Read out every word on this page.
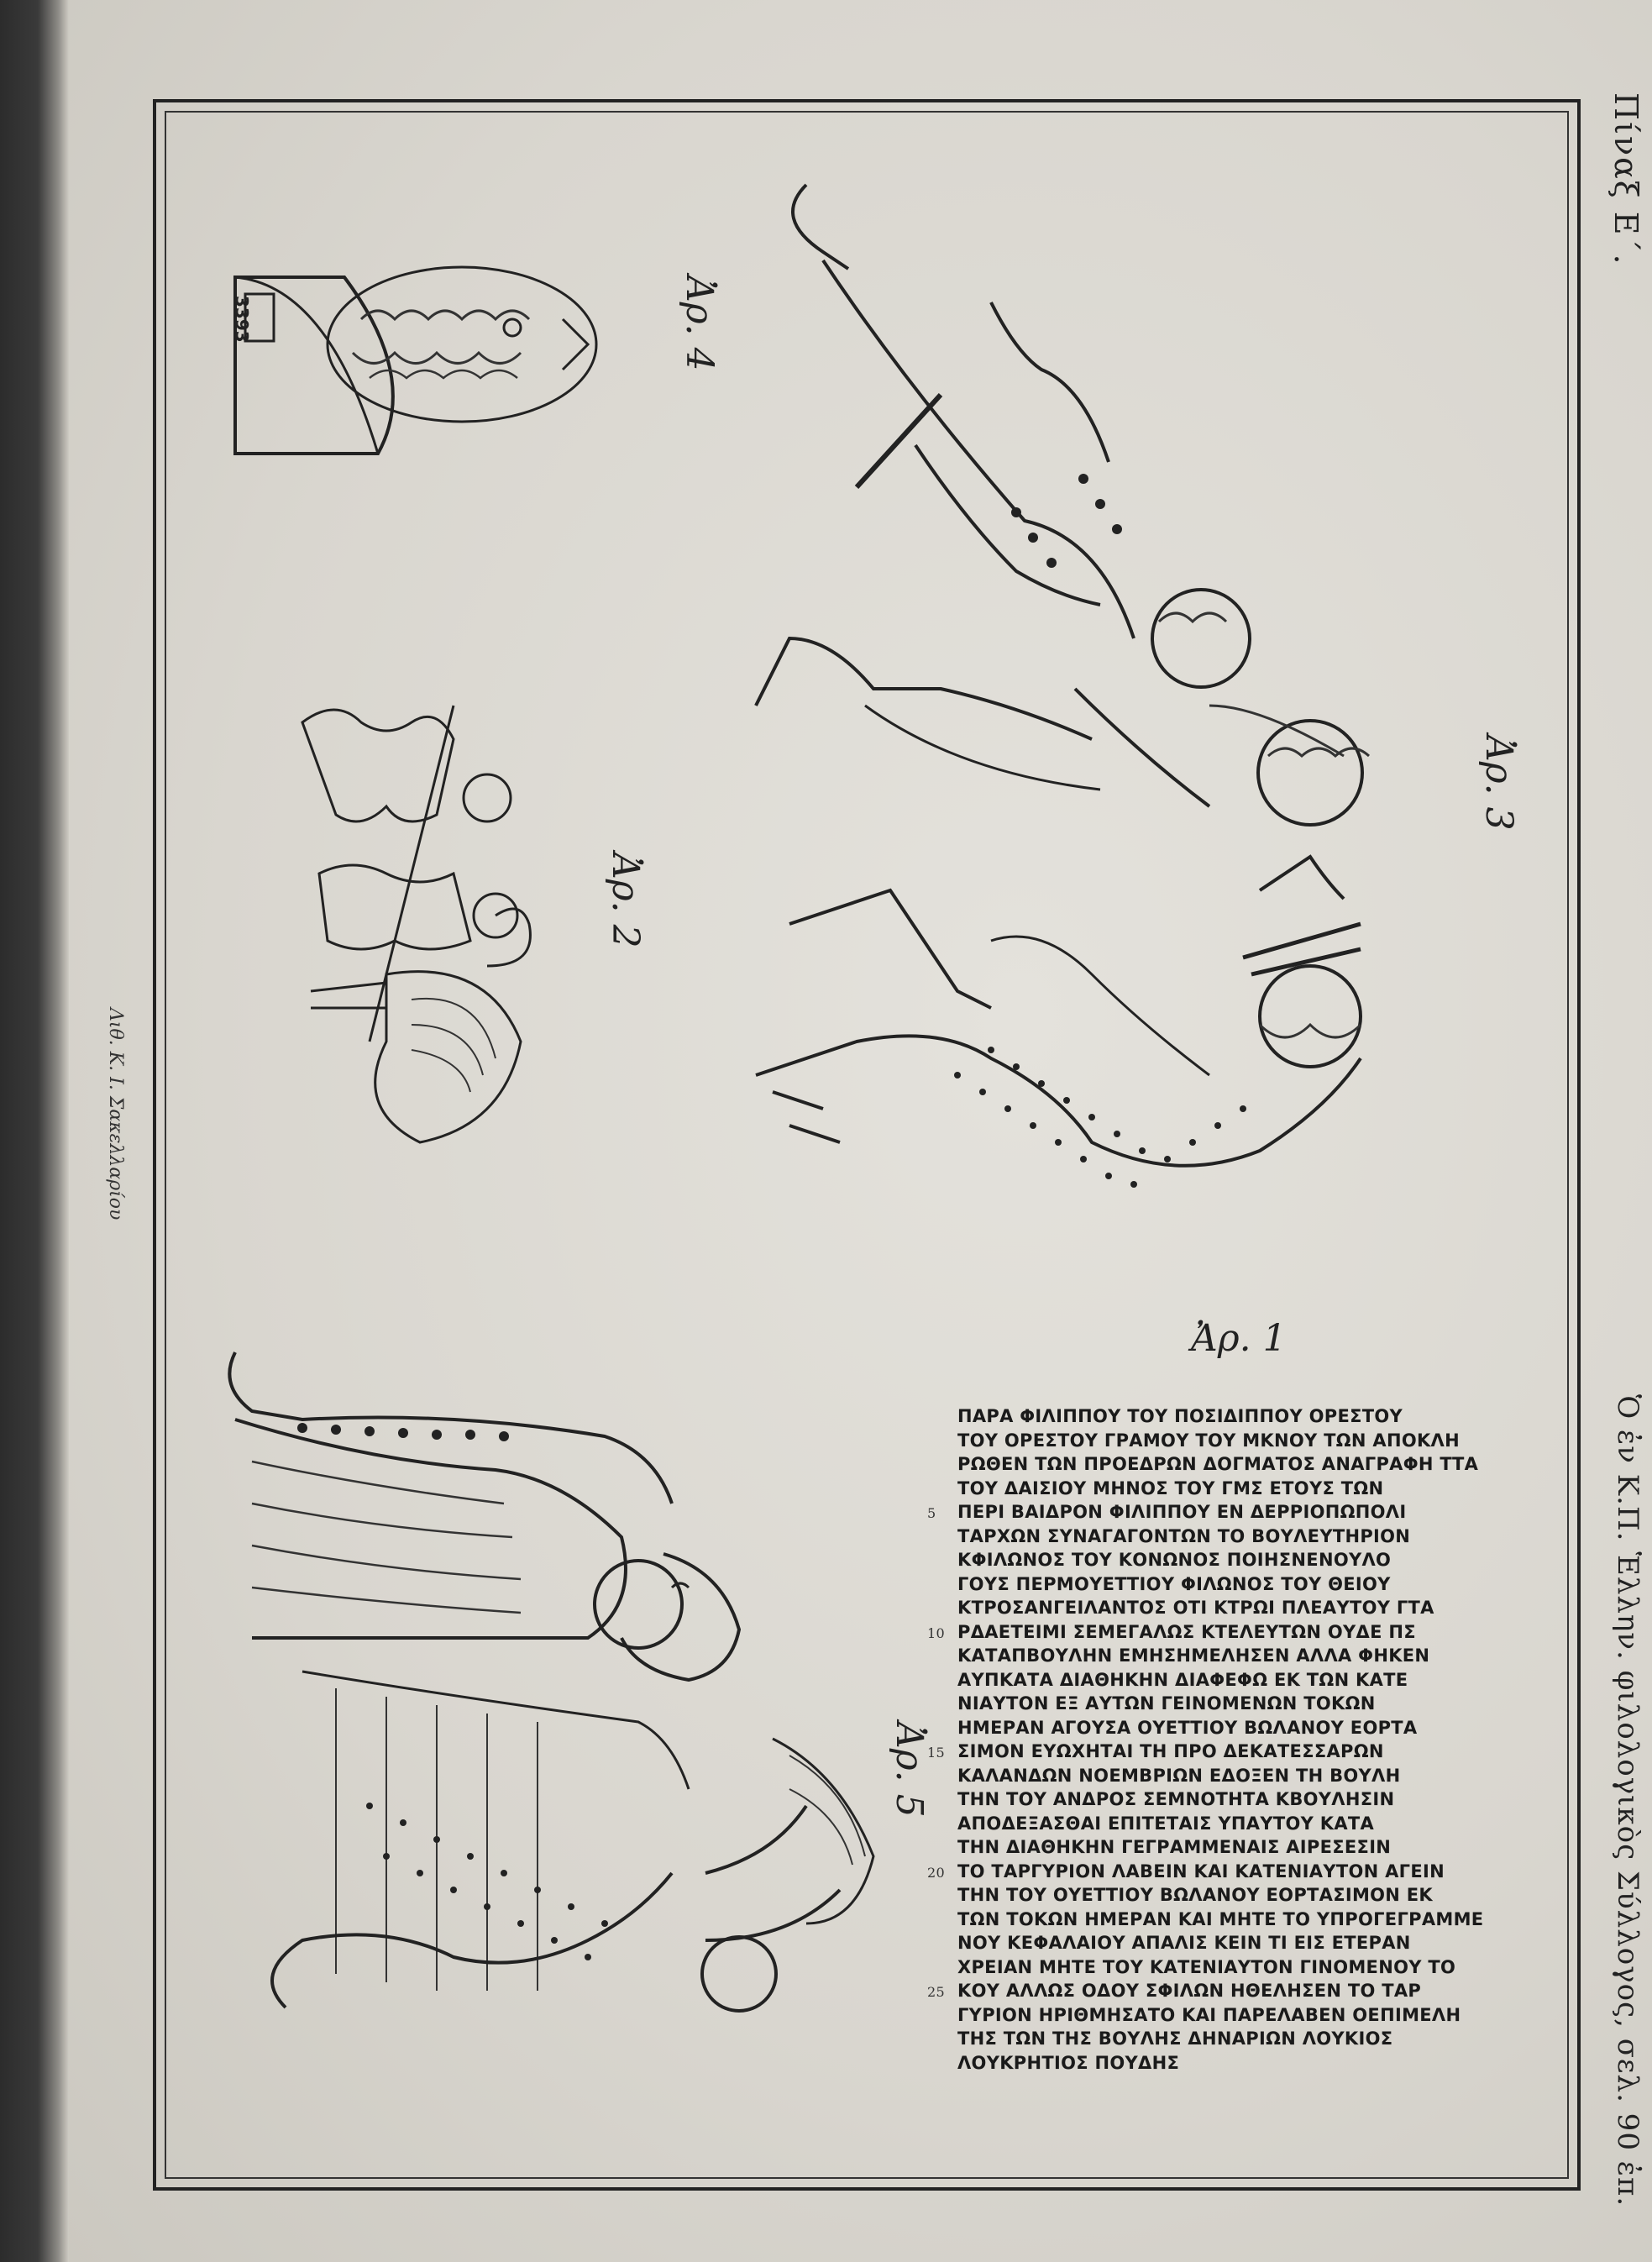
Πίναξ Ε΄.
Ὁ ἐν Κ.Π. Ἑλλην. φιλολογικὸς Σύλλογος, σελ. 90 ἐπ.
Λιθ. Κ. Ι. Σακελλαρίου
3393	Ἀρ. 4
Ἀρ. 2
Ἀρ. 3
Ἀρ. 1
Ἀρ. 5
ΠΑΡΑ ΦΙΛΙΠΠΟΥ ΤΟΥ ΠΟΣΙΔΙΠΠΟΥ ΟΡΕΣΤΟΥ
ΤΟΥ ΟΡΕΣΤΟΥ ΓΡΑΜΟΥ ΤΟΥ ΜΚΝΟΥ ΤΩΝ ΑΠΟΚΛΗ
ΡΩΘΕΝ ΤΩΝ ΠΡΟΕΔΡΩΝ ΔΟΓΜΑΤΟΣ ΑΝΑΓΡΑΦΗ ΤΤΑ
ΤΟΥ ΔΑΙΣΙΟΥ ΜΗΝΟΣ ΤΟΥ ΓΜΣ ΕΤΟΥΣ ΤΩΝ
5 ΠΕΡΙ ΒΑΙΔΡΟΝ ΦΙΛΙΠΠΟΥ ΕΝ ΔΕΡΡΙΟΠΩΠΟΛΙ
ΤΑΡΧΩΝ ΣΥΝΑΓΑΓΟΝΤΩΝ ΤΟ ΒΟΥΛΕΥΤΗΡΙΟΝ
ΚΦΙΛΩΝΟΣ ΤΟΥ ΚΟΝΩΝΟΣ ΠΟΙΗΣΝΕΝΟΥΛΟ
ΓΟΥΣ ΠΕΡΜΟΥΕΤΤΙΟΥ ΦΙΛΩΝΟΣ ΤΟΥ ΘΕΙΟΥ
ΚΤΡΟΣΑΝΓΕΙΛΑΝΤΟΣ ΟΤΙ ΚΤΡΩΙ ΠΛΕΑΥΤΟΥ ΓΤΑ
10 ΡΔΑΕΤΕΙΜΙ ΣΕΜΕΓΑΛΩΣ ΚΤΕΛΕΥΤΩΝ ΟΥΔΕ ΠΣ
ΚΑΤΑΠΒΟΥΛΗΝ ΕΜΗΣΗΜΕΛΗΣΕΝ ΑΛΛΑ ΦΗΚΕΝ
ΑΥΠΚΑΤΑ ΔΙΑΘΗΚΗΝ ΔΙΑΦΕΦΩ ΕΚ ΤΩΝ ΚΑΤΕ
ΝΙΑΥΤΟΝ ΕΞ ΑΥΤΩΝ ΓΕΙΝΟΜΕΝΩΝ ΤΟΚΩΝ
ΗΜΕΡΑΝ ΑΓΟΥΣΑ ΟΥΕΤΤΙΟΥ ΒΩΛΑΝΟΥ ΕΟΡΤΑ
15 ΣΙΜΟΝ ΕΥΩΧΗΤΑΙ ΤΗ ΠΡΟ ΔΕΚΑΤΕΣΣΑΡΩΝ
ΚΑΛΑΝΔΩΝ ΝΟΕΜΒΡΙΩΝ ΕΔΟΞΕΝ ΤΗ ΒΟΥΛΗ
ΤΗΝ ΤΟΥ ΑΝΔΡΟΣ ΣΕΜΝΟΤΗΤΑ ΚΒΟΥΛΗΣΙΝ
ΑΠΟΔΕΞΑΣΘΑΙ ΕΠΙΤΕΤΑΙΣ ΥΠΑΥΤΟΥ ΚΑΤΑ
ΤΗΝ ΔΙΑΘΗΚΗΝ ΓΕΓΡΑΜΜΕΝΑΙΣ ΑΙΡΕΣΕΣΙΝ
20 ΤΟ ΤΑΡΓΥΡΙΟΝ ΛΑΒΕΙΝ ΚΑΙ ΚΑΤΕΝΙΑΥΤΟΝ ΑΓΕΙΝ
ΤΗΝ ΤΟΥ ΟΥΕΤΤΙΟΥ ΒΩΛΑΝΟΥ ΕΟΡΤΑΣΙΜΟΝ ΕΚ
ΤΩΝ ΤΟΚΩΝ ΗΜΕΡΑΝ ΚΑΙ ΜΗΤΕ ΤΟ ΥΠΡΟΓΕΓΡΑΜΜΕ
ΝΟΥ ΚΕΦΑΛΑΙΟΥ ΑΠΑΛΙΣ ΚΕΙΝ ΤΙ ΕΙΣ ΕΤΕΡΑΝ
ΧΡΕΙΑΝ ΜΗΤΕ ΤΟΥ ΚΑΤΕΝΙΑΥΤΟΝ ΓΙΝΟΜΕΝΟΥ ΤΟ
25 ΚΟΥ ΑΛΛΩΣ ΟΔΟΥ ΣΦΙΛΩΝ ΗΘΕΛΗΣΕΝ ΤΟ ΤΑΡ
ΓΥΡΙΟΝ ΗΡΙΘΜΗΣΑΤΟ ΚΑΙ ΠΑΡΕΛΑΒΕΝ ΟΕΠΙΜΕΛΗ
ΤΗΣ ΤΩΝ ΤΗΣ ΒΟΥΛΗΣ ΔΗΝΑΡΙΩΝ ΛΟΥΚΙΟΣ
ΛΟΥΚΡΗΤΙΟΣ ΠΟΥΔΗΣ
